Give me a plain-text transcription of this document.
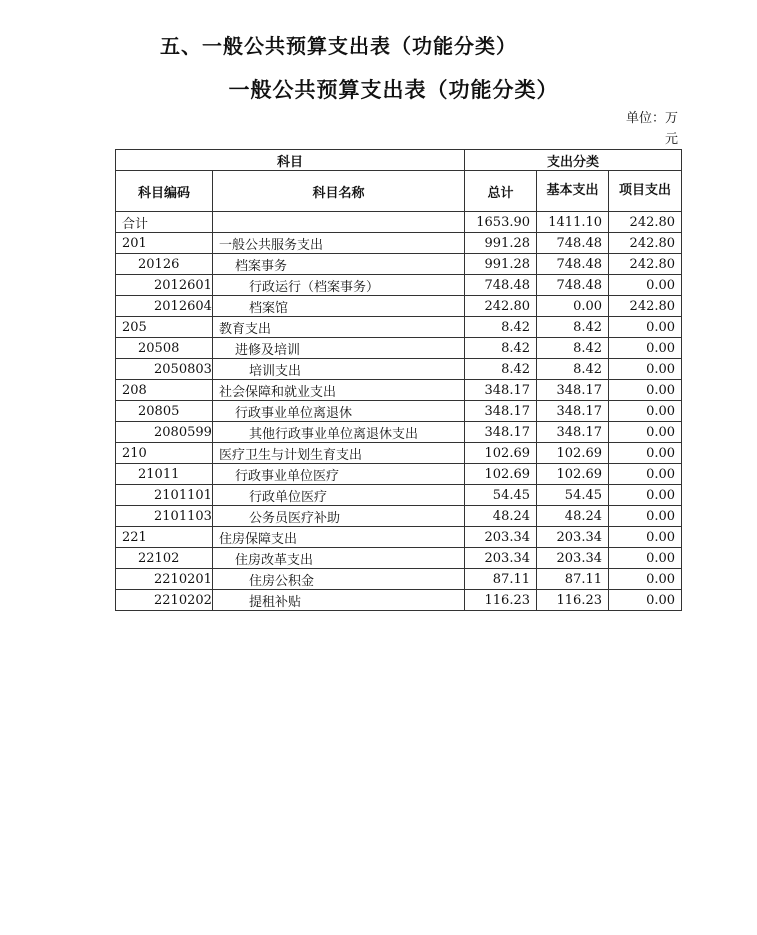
五、一般公共预算支出表（功能分类）
一般公共预算支出表（功能分类）
单位：万元
科目		支出分类		
科目编码	科目名称	总计	基本支出	项目支出
合计		1653.90	1411.10	242.80
201	一般公共服务支出	991.28	748.48	242.80
20126	档案事务	991.28	748.48	242.80
2012601	行政运行（档案事务）	748.48	748.48	0.00
2012604	档案馆	242.80	0.00	242.80
205	教育支出	8.42	8.42	0.00
20508	进修及培训	8.42	8.42	0.00
2050803	培训支出	8.42	8.42	0.00
208	社会保障和就业支出	348.17	348.17	0.00
20805	行政事业单位离退休	348.17	348.17	0.00
2080599	其他行政事业单位离退休支出	348.17	348.17	0.00
210	医疗卫生与计划生育支出	102.69	102.69	0.00
21011	行政事业单位医疗	102.69	102.69	0.00
2101101	行政单位医疗	54.45	54.45	0.00
2101103	公务员医疗补助	48.24	48.24	0.00
221	住房保障支出	203.34	203.34	0.00
22102	住房改革支出	203.34	203.34	0.00
2210201	住房公积金	87.11	87.11	0.00
2210202	提租补贴	116.23	116.23	0.00
